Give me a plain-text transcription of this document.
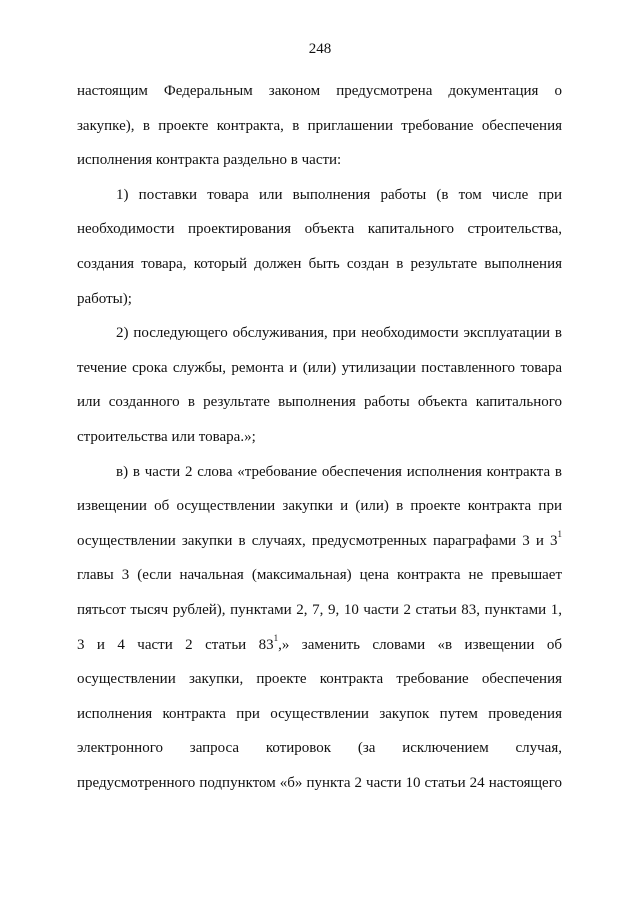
248
настоящим Федеральным законом предусмотрена документация о
закупке), в проекте контракта, в приглашении требование обеспечения
исполнения контракта раздельно в части:
1) поставки товара или выполнения работы (в том числе при
необходимости проектирования объекта капитального строительства,
создания товара, который должен быть создан в результате выполнения
работы);
2) последующего обслуживания, при необходимости эксплуатации в
течение срока службы, ремонта и (или) утилизации поставленного товара
или созданного в результате выполнения работы объекта капитального
строительства или товара.»;
в) в части 2 слова «требование обеспечения исполнения контракта в
извещении об осуществлении закупки и (или) в проекте контракта при
осуществлении закупки в случаях, предусмотренных параграфами 3 и $3^1$
главы 3 (если начальная (максимальная) цена контракта не превышает
пятьсот тысяч рублей), пунктами 2, 7, 9, 10 части 2 статьи 83, пунктами 1,
3 и 4 части 2 статьи $83^1$,» заменить словами «в извещении об
осуществлении закупки, проекте контракта требование обеспечения
исполнения контракта при осуществлении закупок путем проведения
электронного запроса котировок (за исключением случая,
предусмотренного подпунктом «б» пункта 2 части 10 статьи 24 настоящего
